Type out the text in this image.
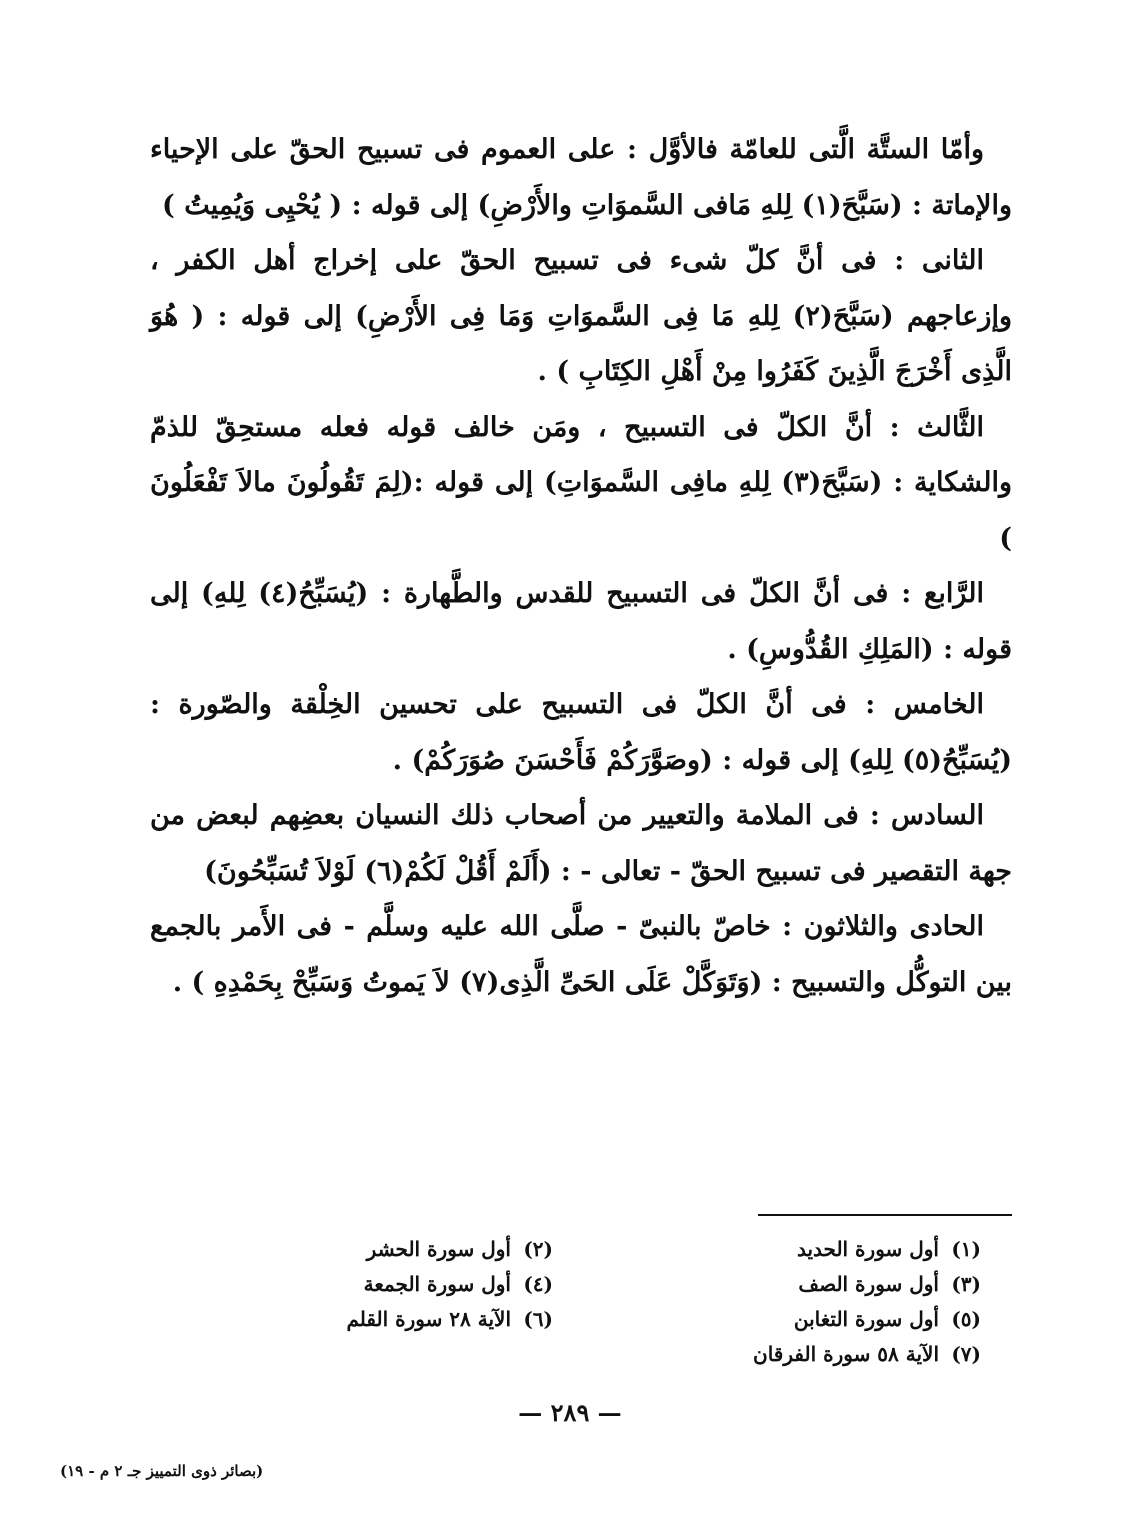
وأمّا الستَّة الَّتى للعامّة فالأوَّل : على العموم فى تسبيح الحقّ على الإحياء والإماتة : (سَبَّحَ(١) لِلهِ مَافى السَّموَاتِ والأَرْضِ) إلى قوله : ( يُحْيِى وَيُمِيتُ )

الثانى : فى أنَّ كلّ شىء فى تسبيح الحقّ على إخراج أهل الكفر ، وإزعاجهم (سَبَّحَ(٢) لِلهِ مَا فِى السَّموَاتِ وَمَا فِى الأَرْضِ) إلى قوله : ( هُوَ الَّذِى أَخْرَجَ الَّذِينَ كَفَرُوا مِنْ أَهْلِ الكِتَابِ ) .

الثَّالث : أنَّ الكلّ فى التسبيح ، ومَن خالف قوله فعله مستحِقّ للذمّ والشكاية : (سَبَّحَ(٣) لِلهِ مافِى السَّموَاتِ) إلى قوله :(لِمَ تَقُولُونَ مالاَ تَفْعَلُونَ )

الرَّابع : فى أنَّ الكلّ فى التسبيح للقدس والطَّهارة : (يُسَبِّحُ(٤) لِلهِ) إلى قوله : (المَلِكِ القُدُّوسِ) .

الخامس : فى أنَّ الكلّ فى التسبيح على تحسين الخِلْقة والصّورة : (يُسَبِّحُ(٥) لِلهِ) إلى قوله : (وصَوَّرَكُمْ فَأَحْسَنَ صُوَرَكُمْ) .

السادس : فى الملامة والتعيير من أصحاب ذلك النسيان بعضِهم لبعض من جهة التقصير فى تسبيح الحقّ - تعالى - : (أَلَمْ أَقُلْ لَكُمْ(٦) لَوْلاَ تُسَبِّحُونَ)

الحادى والثلاثون : خاصّ بالنبىّ - صلَّى الله عليه وسلَّم - فى الأَمر بالجمع بين التوكُّل والتسبيح : (وَتَوَكَّلْ عَلَى الحَىِّ الَّذِى(٧) لاَ يَموتُ وَسَبِّحْ بِحَمْدِهِ ) .

(١)
أول سورة الحديد
(٣)
أول سورة الصف
(٥)
أول سورة التغابن
(٧)
الآية ٥٨ سورة الفرقان
(٢)
أول سورة الحشر
(٤)
أول سورة الجمعة
(٦)
الآية ٢٨ سورة القلم
— ٢٨٩ —
(بصائر ذوى التمييز جـ ٢ م - ١٩)
